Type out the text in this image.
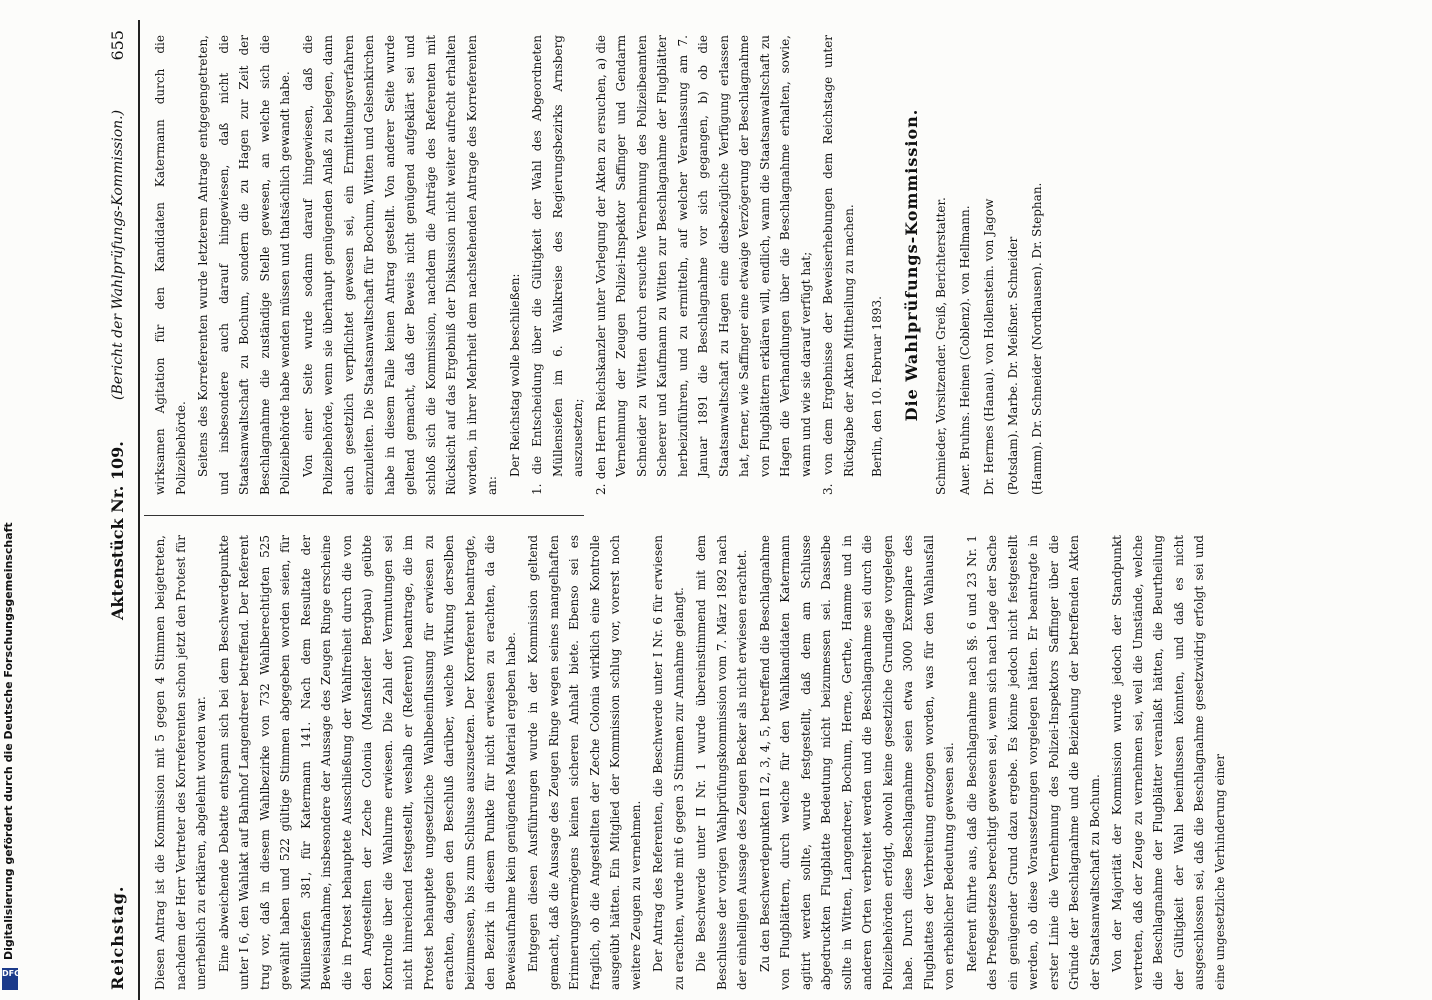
Reichstag.
Aktenstück Nr. 109.
(Bericht der Wahlprüfungs-Kommission.)
655

Diesen Antrag ist die Kommission mit 5 gegen 4 Stimmen beigetreten, nachdem der Herr Vertreter des Korreferenten schon jetzt den Protest für unerheblich zu erklären, abgelehnt worden war. Eine abweichende Debatte entspann sich bei dem Beschwerdepunkte unter I 6, den Wahlakt auf Bahnhof Langendreer betreffend. Der Referent trug vor, daß in diesem Wahlbezirke von 732 Wahlberechtigten 525 gewählt haben und 522 gültige Stimmen abgegeben worden seien, für Müllensiefen 381, für Katermann 141. Nach dem Resultate der Beweisaufnahme, insbesondere der Aussage des Zeugen Ringe erscheine die in Protest behauptete Ausschließung der Wahlfreiheit durch die von den Angestellten der Zeche Colonia (Mansfelder Bergbau) geübte Kontrolle über die Wahlurne erwiesen. Die Zahl der Vermutungen sei nicht hinreichend festgestellt, weshalb er (Referent) beantrage, die im Protest behauptete ungesetzliche Wahlbeeinflussung für erwiesen zu erachten, dagegen den Beschluß darüber, welche Wirkung derselben beizumessen, bis zum Schlusse auszusetzen. Der Korreferent beantragte, den Bezirk in diesem Punkte für nicht erwiesen zu erachten, da die Beweisaufnahme kein genügendes Material ergeben habe. Entgegen diesen Ausführungen wurde in der Kommission geltend gemacht, daß die Aussage des Zeugen Ringe wegen seines mangelhaften Erinnerungsvermögens keinen sicheren Anhalt biete. Ebenso sei es fraglich, ob die Angestellten der Zeche Colonia wirklich eine Kontrolle ausgeübt hätten. Ein Mitglied der Kommission schlug vor, vorerst noch weitere Zeugen zu vernehmen. Der Antrag des Referenten, die Beschwerde unter I Nr. 6 für erwiesen zu erachten, wurde mit 6 gegen 3 Stimmen zur Annahme gelangt. Die Beschwerde unter II Nr. 1 wurde übereinstimmend mit dem Beschlusse der vorigen Wahlprüfungskommission vom 7. März 1892 nach der einhelligen Aussage des Zeugen Becker als nicht erwiesen erachtet. Zu den Beschwerdepunkten II 2, 3, 4, 5, betreffend die Beschlagnahme von Flugblättern, durch welche für den Wahlkandidaten Katermann agitirt werden sollte, wurde festgestellt, daß dem am Schlusse abgedruckten Flugblatte Bedeutung nicht beizumessen sei. Dasselbe sollte in Witten, Langendreer, Bochum, Herne, Gerthe, Hamme und in anderen Orten verbreitet werden und die Beschlagnahme sei durch die Polizeibehörden erfolgt, obwohl keine gesetzliche Grundlage vorgelegen habe. Durch diese Beschlagnahme seien etwa 3000 Exemplare des Flugblattes der Verbreitung entzogen worden, was für den Wahlausfall von erheblicher Bedeutung gewesen sei. Referent führte aus, daß die Beschlagnahme nach §§. 6 und 23 Nr. 1 des Preßgesetzes berechtigt gewesen sei, wenn sich nach Lage der Sache ein genügender Grund dazu ergebe. Es könne jedoch nicht festgestellt werden, ob diese Voraussetzungen vorgelegen hätten. Er beantragte in erster Linie die Vernehmung des Polizei-Inspektors Saffinger über die Gründe der Beschlagnahme und die Beiziehung der betreffenden Akten der Staatsanwaltschaft zu Bochum. Von der Majorität der Kommission wurde jedoch der Standpunkt vertreten, daß der Zeuge zu vernehmen sei, weil die Umstände, welche die Beschlagnahme der Flugblätter veranlaßt hätten, die Beurtheilung der Gültigkeit der Wahl beeinflussen könnten, und daß es nicht ausgeschlossen sei, daß die Beschlagnahme gesetzwidrig erfolgt sei und eine ungesetzliche Verhinderung einer

wirksamen Agitation für den Kandidaten Katermann durch die Polizeibehörde. Seitens des Korreferenten wurde letzterem Antrage entgegengetreten, und insbesondere auch darauf hingewiesen, daß nicht die Staatsanwaltschaft zu Bochum, sondern die zu Hagen zur Zeit der Beschlagnahme die zuständige Stelle gewesen, an welche sich die Polizeibehörde habe wenden müssen und thatsächlich gewandt habe. Von einer Seite wurde sodann darauf hingewiesen, daß die Polizeibehörde, wenn sie überhaupt genügenden Anlaß zu belegen, dann auch gesetzlich verpflichtet gewesen sei, ein Ermittelungsverfahren einzuleiten. Die Staatsanwaltschaft für Bochum, Witten und Gelsenkirchen habe in diesem Falle keinen Antrag gestellt. Von anderer Seite wurde geltend gemacht, daß der Beweis nicht genügend aufgeklärt sei und schloß sich die Kommission, nachdem die Anträge des Referenten mit Rücksicht auf das Ergebniß der Diskussion nicht weiter aufrecht erhalten worden, in ihrer Mehrheit dem nachstehenden Antrage des Korreferenten an:

Der Reichstag wolle beschließen: 1. die Entscheidung über die Gültigkeit der Wahl des Abgeordneten Müllensiefen im 6. Wahlkreise des Regierungsbezirks Arnsberg auszusetzen; 2. den Herrn Reichskanzler unter Vorlegung der Akten zu ersuchen, a) die Vernehmung der Zeugen Polizei-Inspektor Saffinger und Gendarm Schneider zu Witten durch ersuchte Vernehmung des Polizeibeamten Scheerer und Kaufmann zu Witten zur Beschlagnahme der Flugblätter herbeizuführen, und zu ermitteln, auf welcher Veranlassung am 7. Januar 1891 die Beschlagnahme vor sich gegangen, b) ob die Staatsanwaltschaft zu Hagen eine diesbezügliche Verfügung erlassen hat, ferner, wie Saffinger eine etwaige Verzögerung der Beschlagnahme von Flugblättern erklären will, endlich, wann die Staatsanwaltschaft zu Hagen die Verhandlungen über die Beschlagnahme erhalten, sowie, wann und wie sie darauf verfügt hat; 3. von dem Ergebnisse der Beweiserhebungen dem Reichstage unter Rückgabe der Akten Mittheilung zu machen. Berlin, den 10. Februar 1893. Die Wahlprüfungs-Kommission.	Schmieder, Vorsitzender. Greiß, Berichterstatter. Auer. Bruhns. Heinen (Coblenz). von Hellmann. Dr. Hermes (Hanau). von Hollenstein. von Jagow (Potsdam). Marbe. Dr. Meißner. Schneider (Hamm). Dr. Schneider (Nordhausen). Dr. Stephan.

Digitalisierung gefördert durch die Deutsche Forschungsgemeinschaft
DFG
